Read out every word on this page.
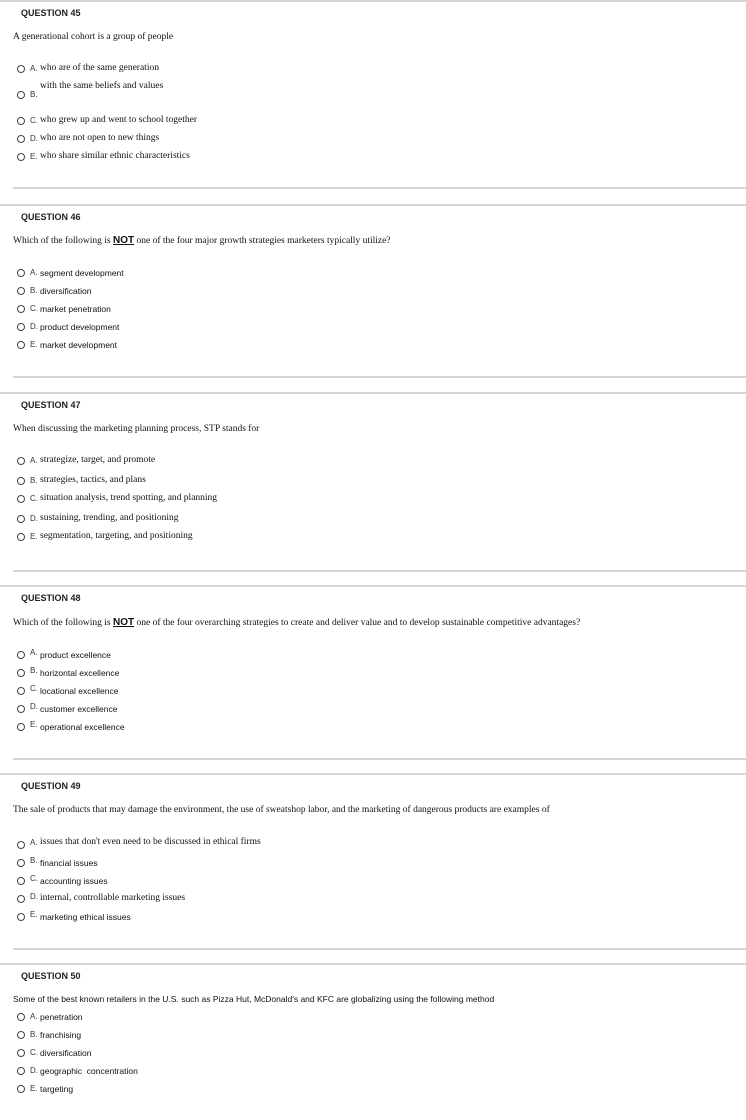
QUESTION 45
A generational cohort is a group of people
A. who are of the same generation
B.
with the same beliefs and values
C. who grew up and went to school together
D. who are not open to new things
E. who share similar ethnic characteristics
QUESTION 46
Which of the following is NOT one of the four major growth strategies marketers typically utilize?
A. segment development
B. diversification
C. market penetration
D. product development
E. market development
QUESTION 47
When discussing the marketing planning process, STP stands for
A. strategize, target, and promote
B. strategies, tactics, and plans
C. situation analysis, trend spotting, and planning
D. sustaining, trending, and positioning
E. segmentation, targeting, and positioning
QUESTION 48
Which of the following is NOT one of the four overarching strategies to create and deliver value and to develop sustainable competitive advantages?
A. product excellence
B. horizontal excellence
C. locational excellence
D. customer excellence
E. operational excellence
QUESTION 49
The sale of products that may damage the environment, the use of sweatshop labor, and the marketing of dangerous products are examples of
A. issues that don't even need to be discussed in ethical firms
B. financial issues
C. accounting issues
D. internal, controllable marketing issues
E. marketing ethical issues
QUESTION 50
Some of the best known retailers in the U.S. such as Pizza Hut, McDonald's and KFC are globalizing using the following method
A. penetration
B. franchising
C. diversification
D. geographic  concentration
E. targeting
